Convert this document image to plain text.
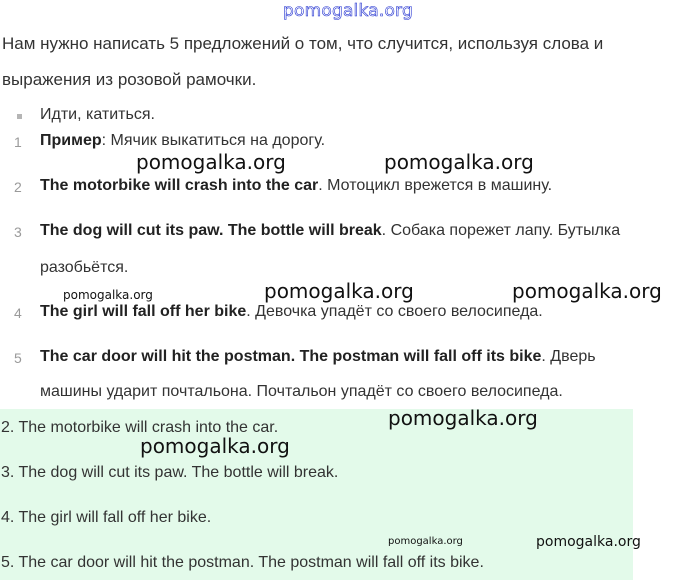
pomogalka.org
Нам нужно написать 5 предложений о том, что случится, используя слова и
выражения из розовой рамочки.
Идти, катиться.
1 Пример: Мячик выкатиться на дорогу.
2 The motorbike will crash into the car. Мотоцикл врежется в машину.
3 The dog will cut its paw. The bottle will break. Собака порежет лапу. Бутылка
разобьётся.
4 The girl will fall off her bike. Девочка упадёт со своего велосипеда.
5 The car door will hit the postman. The postman will fall off its bike. Дверь
машины ударит почтальона. Почтальон упадёт со своего велосипеда.
2. The motorbike will crash into the car.
3. The dog will cut its paw. The bottle will break.
4. The girl will fall off her bike.
5. The car door will hit the postman. The postman will fall off its bike.
pomogalka.org	pomogalka.org
pomogalka.org	pomogalka.org	pomogalka.org
pomogalka.org
pomogalka.org
pomogalka.org	pomogalka.org
